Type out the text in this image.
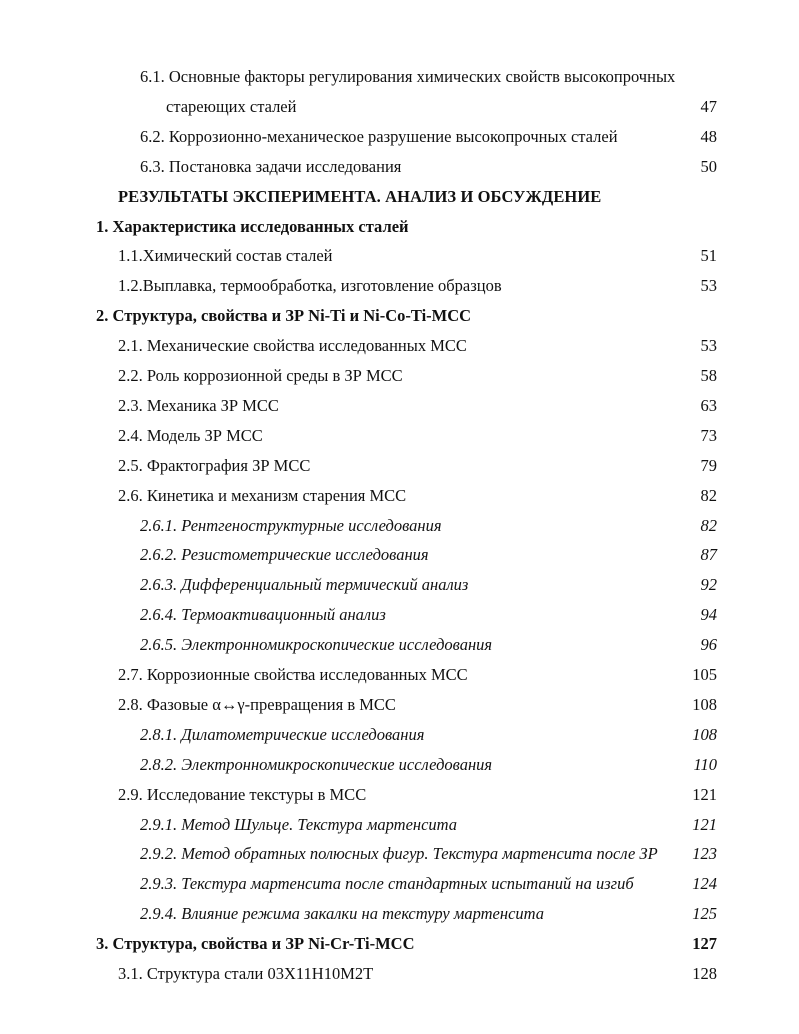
6.1. Основные факторы регулирования химических свойств высокопрочных
стареющих сталей	47
6.2. Коррозионно-механическое разрушение высокопрочных сталей	48
6.3. Постановка задачи исследования	50
РЕЗУЛЬТАТЫ ЭКСПЕРИМЕНТА. АНАЛИЗ И ОБСУЖДЕНИЕ
1. Характеристика исследованных сталей
1.1.Химический состав сталей	51
1.2.Выплавка, термообработка, изготовление образцов	53
2. Структура, свойства и ЗР Ni-Ti и Ni-Co-Ti-МСС
2.1. Механические свойства исследованных МСС	53
2.2. Роль коррозионной среды в ЗР МСС	58
2.3. Механика ЗР МСС	63
2.4. Модель ЗР МСС	73
2.5. Фрактография ЗР МСС	79
2.6. Кинетика и механизм старения МСС	82
2.6.1. Рентгеноструктурные исследования	82
2.6.2. Резистометрические исследования	87
2.6.3. Дифференциальный термический анализ	92
2.6.4. Термоактивационный анализ	94
2.6.5. Электронномикроскопические исследования	96
2.7. Коррозионные свойства исследованных МСС	105
2.8. Фазовые α↔γ-превращения в МСС	108
2.8.1. Дилатометрические исследования	108
2.8.2. Электронномикроскопические исследования	110
2.9. Исследование текстуры в МСС	121
2.9.1. Метод Шульце. Текстура мартенсита	121
2.9.2. Метод обратных полюсных фигур. Текстура мартенсита после ЗР 123
2.9.3. Текстура мартенсита после стандартных испытаний на изгиб	124
2.9.4. Влияние режима закалки на текстуру мартенсита	125
3. Структура, свойства и ЗР Ni-Cr-Ti-МСС	127
3.1. Структура стали 03Х11Н10М2Т	128
